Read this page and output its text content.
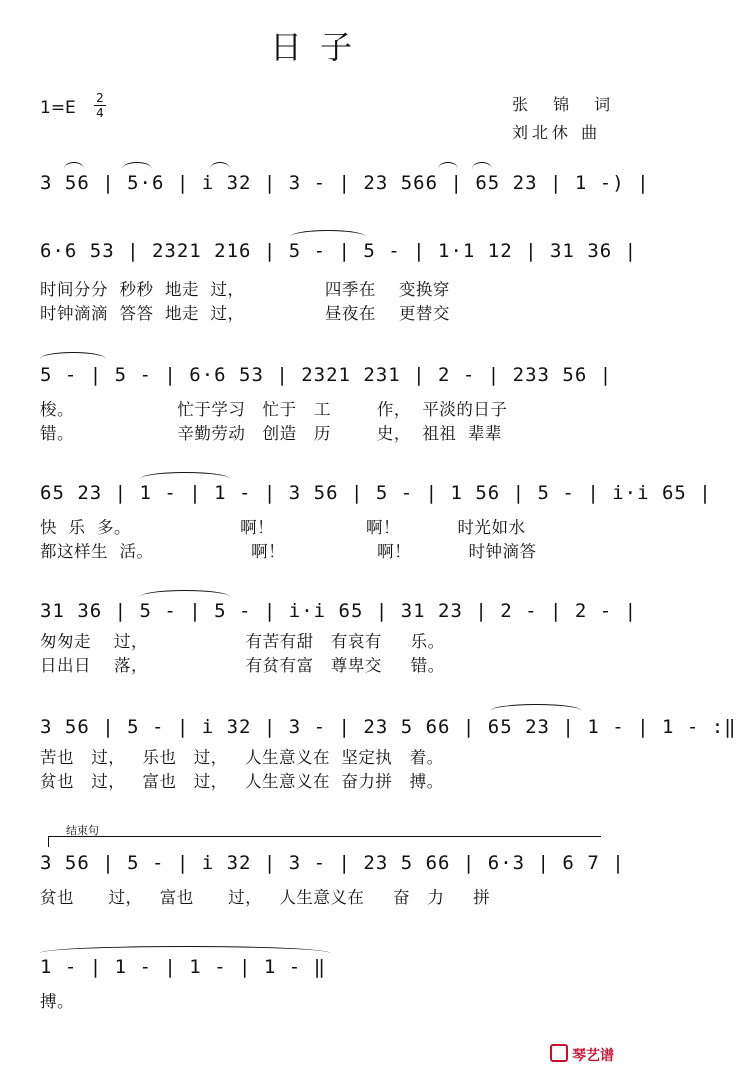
日子
1=E 2
4	张 锦 词
刘北休 曲
3 56 | 5·6 | i 32 | 3 - | 23 566 | 65 23 | 1 -) |
6·6 53 | 2321 216 | 5 - | 5 - | 1·1 12 | 31 36 |
时间分分  秒秒  地走  过，              四季在    变换穿
时钟滴滴  答答  地走  过，              昼夜在    更替交
5 - | 5 - | 6·6 53 | 2321 231 | 2 - | 233 56 |
梭。                  忙于学习   忙于   工        作，  平淡的日子
错。                  辛勤劳动   创造   历        史，  祖祖  辈辈
65 23 | 1 - | 1 - | 3 56 | 5 - | 1 56 | 5 - | i·i 65 |
快  乐  多。                   啊！                啊！          时光如水
都这样生  活。                 啊！                啊！          时钟滴答
31 36 | 5 - | 5 - | i·i 65 | 31 23 | 2 - | 2 - |
匆匆走    过，                 有苦有甜   有哀有     乐。
日出日    落，                 有贫有富   尊卑交     错。
3 56 | 5 - | i 32 | 3 - | 23 5 66 | 65 23 | 1 - | 1 - :‖
苦也   过，   乐也   过，   人生意义在  坚定执   着。
贫也   过，   富也   过，   人生意义在  奋力拼   搏。
结束句
3 56 | 5 - | i 32 | 3 - | 23 5 66 | 6·3 | 6 7 |
贫也      过，   富也      过，   人生意义在     奋   力     拼
1 - | 1 - | 1 - | 1 - ‖
搏。
琴艺谱
